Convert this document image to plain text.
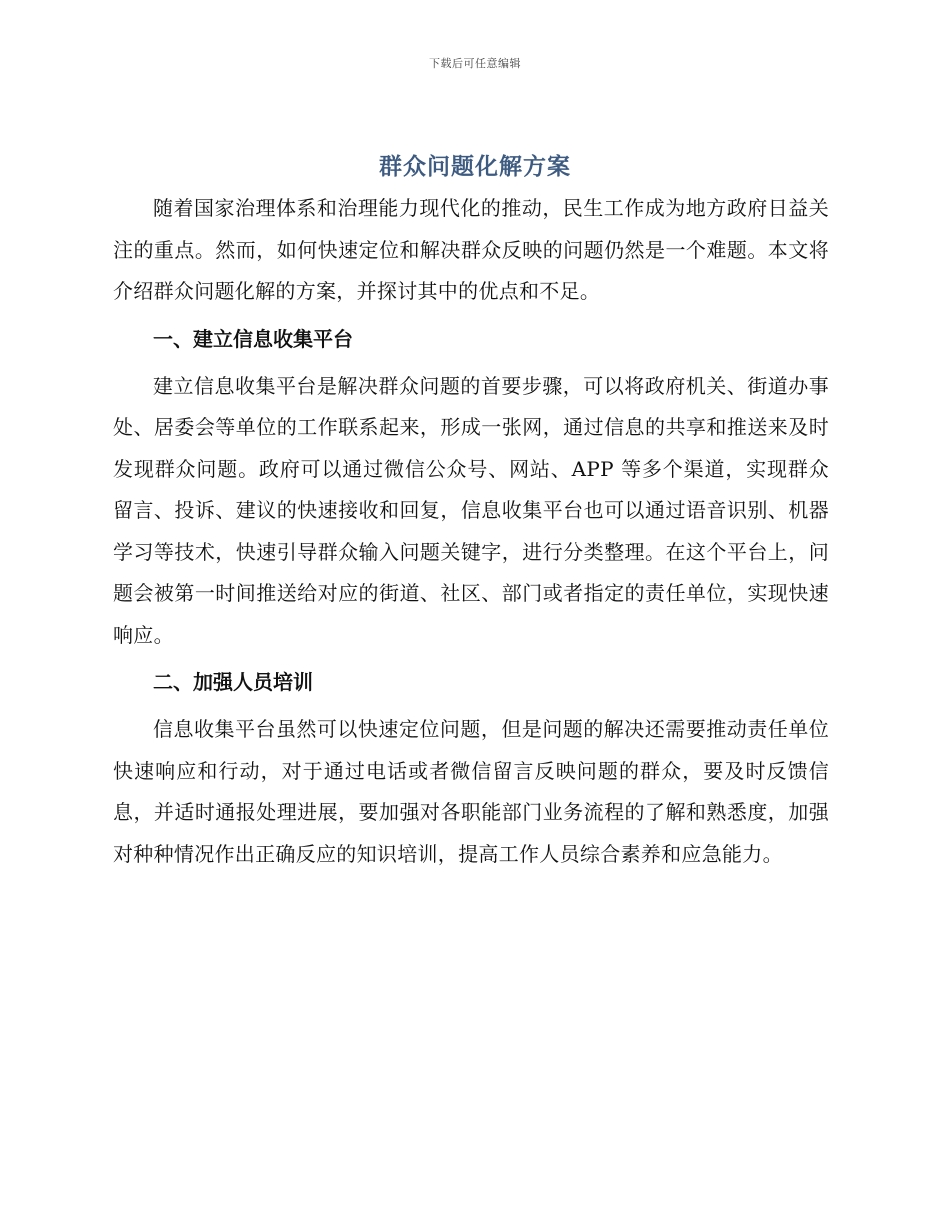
下载后可任意编辑
群众问题化解方案

随着国家治理体系和治理能力现代化的推动，民生工作成为地方政府日益关注的重点。然而，如何快速定位和解决群众反映的问题仍然是一个难题。本文将介绍群众问题化解的方案，并探讨其中的优点和不足。

一、建立信息收集平台

建立信息收集平台是解决群众问题的首要步骤，可以将政府机关、街道办事处、居委会等单位的工作联系起来，形成一张网，通过信息的共享和推送来及时发现群众问题。政府可以通过微信公众号、网站、APP 等多个渠道，实现群众留言、投诉、建议的快速接收和回复，信息收集平台也可以通过语音识别、机器学习等技术，快速引导群众输入问题关键字，进行分类整理。在这个平台上，问题会被第一时间推送给对应的街道、社区、部门或者指定的责任单位，实现快速响应。

二、加强人员培训

信息收集平台虽然可以快速定位问题，但是问题的解决还需要推动责任单位快速响应和行动，对于通过电话或者微信留言反映问题的群众，要及时反馈信息，并适时通报处理进展，要加强对各职能部门业务流程的了解和熟悉度，加强对种种情况作出正确反应的知识培训，提高工作人员综合素养和应急能力。
